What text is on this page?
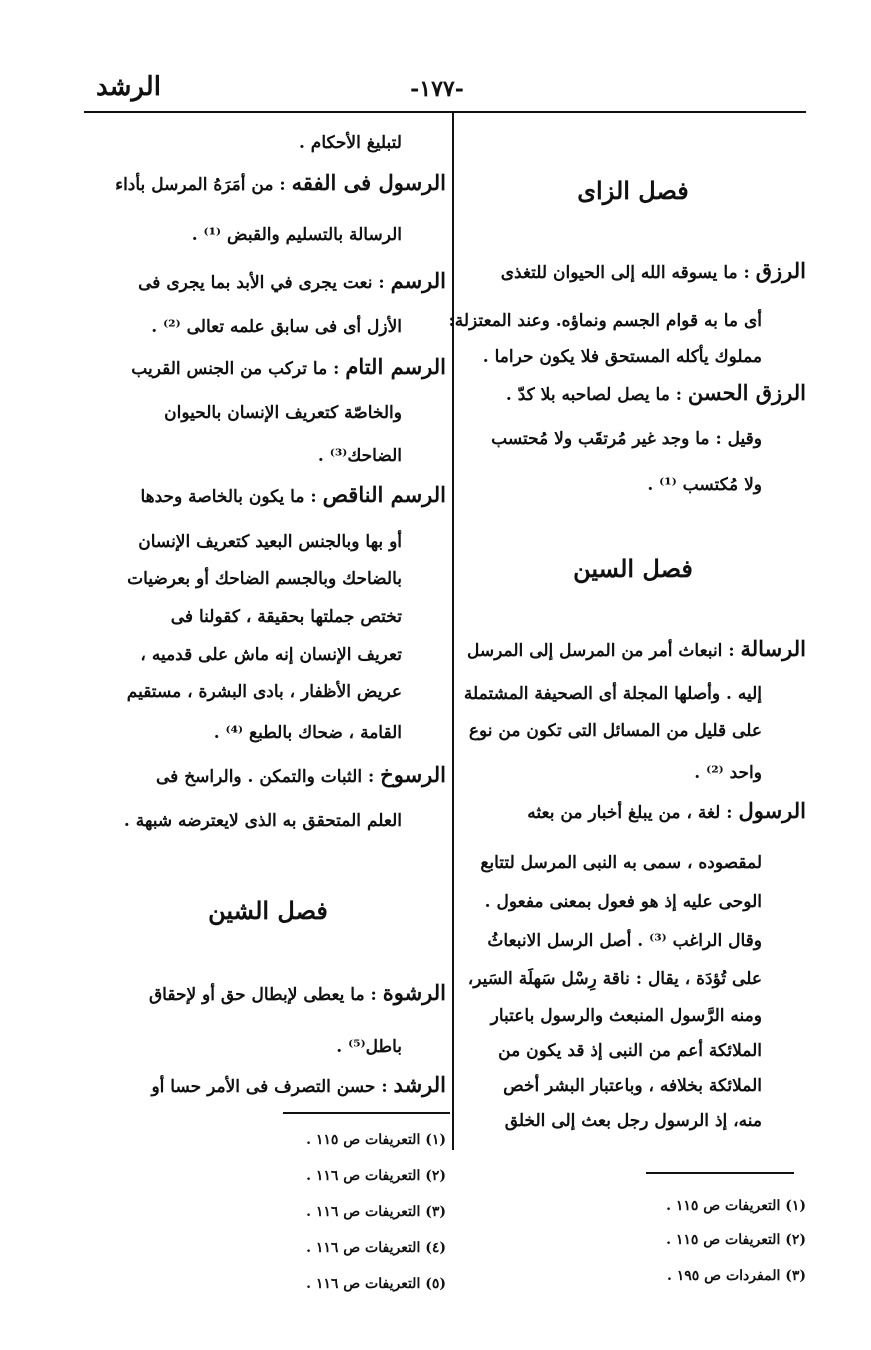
الرشد	-١٧٧-
فصل الزاى
الرزق : ما يسوقه الله إلى الحيوان للتغذى
أى ما به قوام الجسم ونماؤه. وعند المعتزلة:
مملوك يأكله المستحق فلا يكون حراما .
الرزق الحسن : ما يصل لصاحبه بلا كدّ .
وقيل : ما وجد غير مُرتقَب ولا مُحتسب
ولا مُكتسب ⁽¹⁾ .
فصل السين
الرسالة : انبعاث أمر من المرسل إلى المرسل
إليه . وأصلها المجلة أى الصحيفة المشتملة
على قليل من المسائل التى تكون من نوع
واحد ⁽²⁾ .
الرسول : لغة ، من يبلغ أخبار من بعثه
لمقصوده ، سمى به النبى المرسل لتتابع
الوحى عليه إذ هو فعول بمعنى مفعول .
وقال الراغب ⁽³⁾ . أصل الرسل الانبعاثُ
على تُؤدَة ، يقال : ناقة رِسْل سَهلَة السَير،
ومنه الرَّسول المنبعث والرسول باعتبار
الملائكة أعم من النبى إذ قد يكون من
الملائكة بخلافه ، وباعتبار البشر أخص
منه، إذ الرسول رجل بعث إلى الخلق
(١) التعريفات ص ١١٥ .
(٢) التعريفات ص ١١٥ .
(٣) المفردات ص ١٩٥ .
لتبليغ الأحكام .
الرسول فى الفقه : من أمَرَهُ المرسل بأداء
الرسالة بالتسليم والقبض ⁽¹⁾ .
الرسم : نعت يجرى في الأبد بما يجرى فى
الأزل أى فى سابق علمه تعالى ⁽²⁾ .
الرسم التام : ما تركب من الجنس القريب
والخاصّة كتعريف الإنسان بالحيوان
الضاحك⁽³⁾ .
الرسم الناقص : ما يكون بالخاصة وحدها
أو بها وبالجنس البعيد كتعريف الإنسان
بالضاحك وبالجسم الضاحك أو بعرضيات
تختص جملتها بحقيقة ، كقولنا فى
تعريف الإنسان إنه ماش على قدميه ،
عريض الأظفار ، بادى البشرة ، مستقيم
القامة ، ضحاك بالطبع ⁽⁴⁾ .
الرسوخ : الثبات والتمكن . والراسخ فى
العلم المتحقق به الذى لايعترضه شبهة .
فصل الشين
الرشوة : ما يعطى لإبطال حق أو لإحقاق
باطل⁽⁵⁾ .
الرشد : حسن التصرف فى الأمر حسا أو
(١) التعريفات ص ١١٥ .
(٢) التعريفات ص ١١٦ .
(٣) التعريفات ص ١١٦ .
(٤) التعريفات ص ١١٦ .
(٥) التعريفات ص ١١٦ .
